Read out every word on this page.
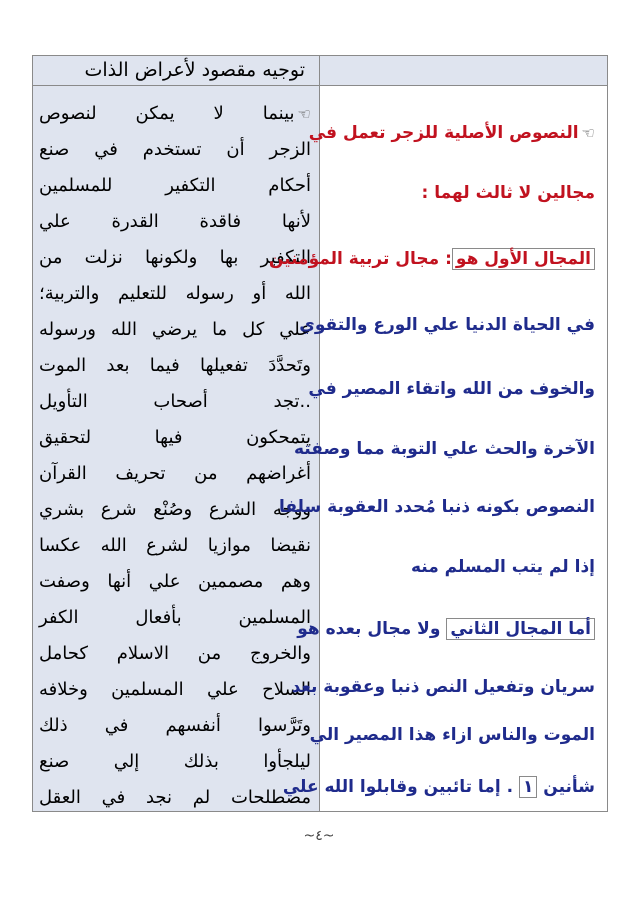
توجيه مقصود لأعراض الذات
☜بينما لا يمكن لنصوص
الزجر أن تستخدم في صنع
أحكام التكفير للمسلمين
لأنها فاقدة القدرة علي
التكفير بها ولكونها نزلت من
الله أو رسوله للتعليم والتربية؛
علي كل ما يرضي الله ورسوله
وتَحدَّدَ تفعيلها فيما بعد الموت
..تجد أصحاب التأويل
يتمحكون فيها لتحقيق
أغراضهم من تحريف القرآن
ووجه الشرع وصُنْع شرع بشري
نقيضا موازيا لشرع الله عكسا
وهم مصممين علي أنها وصفت
المسلمين بأفعال الكفر
والخروج من الاسلام كحامل
السلاح علي المسلمين وخلافه
وتَرَّسوا أنفسهم في ذلك
ليلجأوا بذلك إلي صنع
مصطلحات لم نجد في العقل
☜النصوص الأصلية للزجر تعمل في
مجالين لا ثالث لهما :
المجال الأول هو: مجال تربية المؤمنين
في الحياة الدنيا علي الورع والتقوي
والخوف من الله واتقاء المصير في
الآخرة والحث علي التوبة مما وصفته
النصوص بكونه ذنبا مُحدد العقوبة سلفا
إذا لم يتب المسلم منه
أما المجال الثاني ولا مجال بعده هو
سريان وتفعيل النص ذنبا وعقوبة بعد
الموت والناس ازاء هذا المصير الي
شأنين ١ . إما تائبين وقابلوا الله علي
~٤~
